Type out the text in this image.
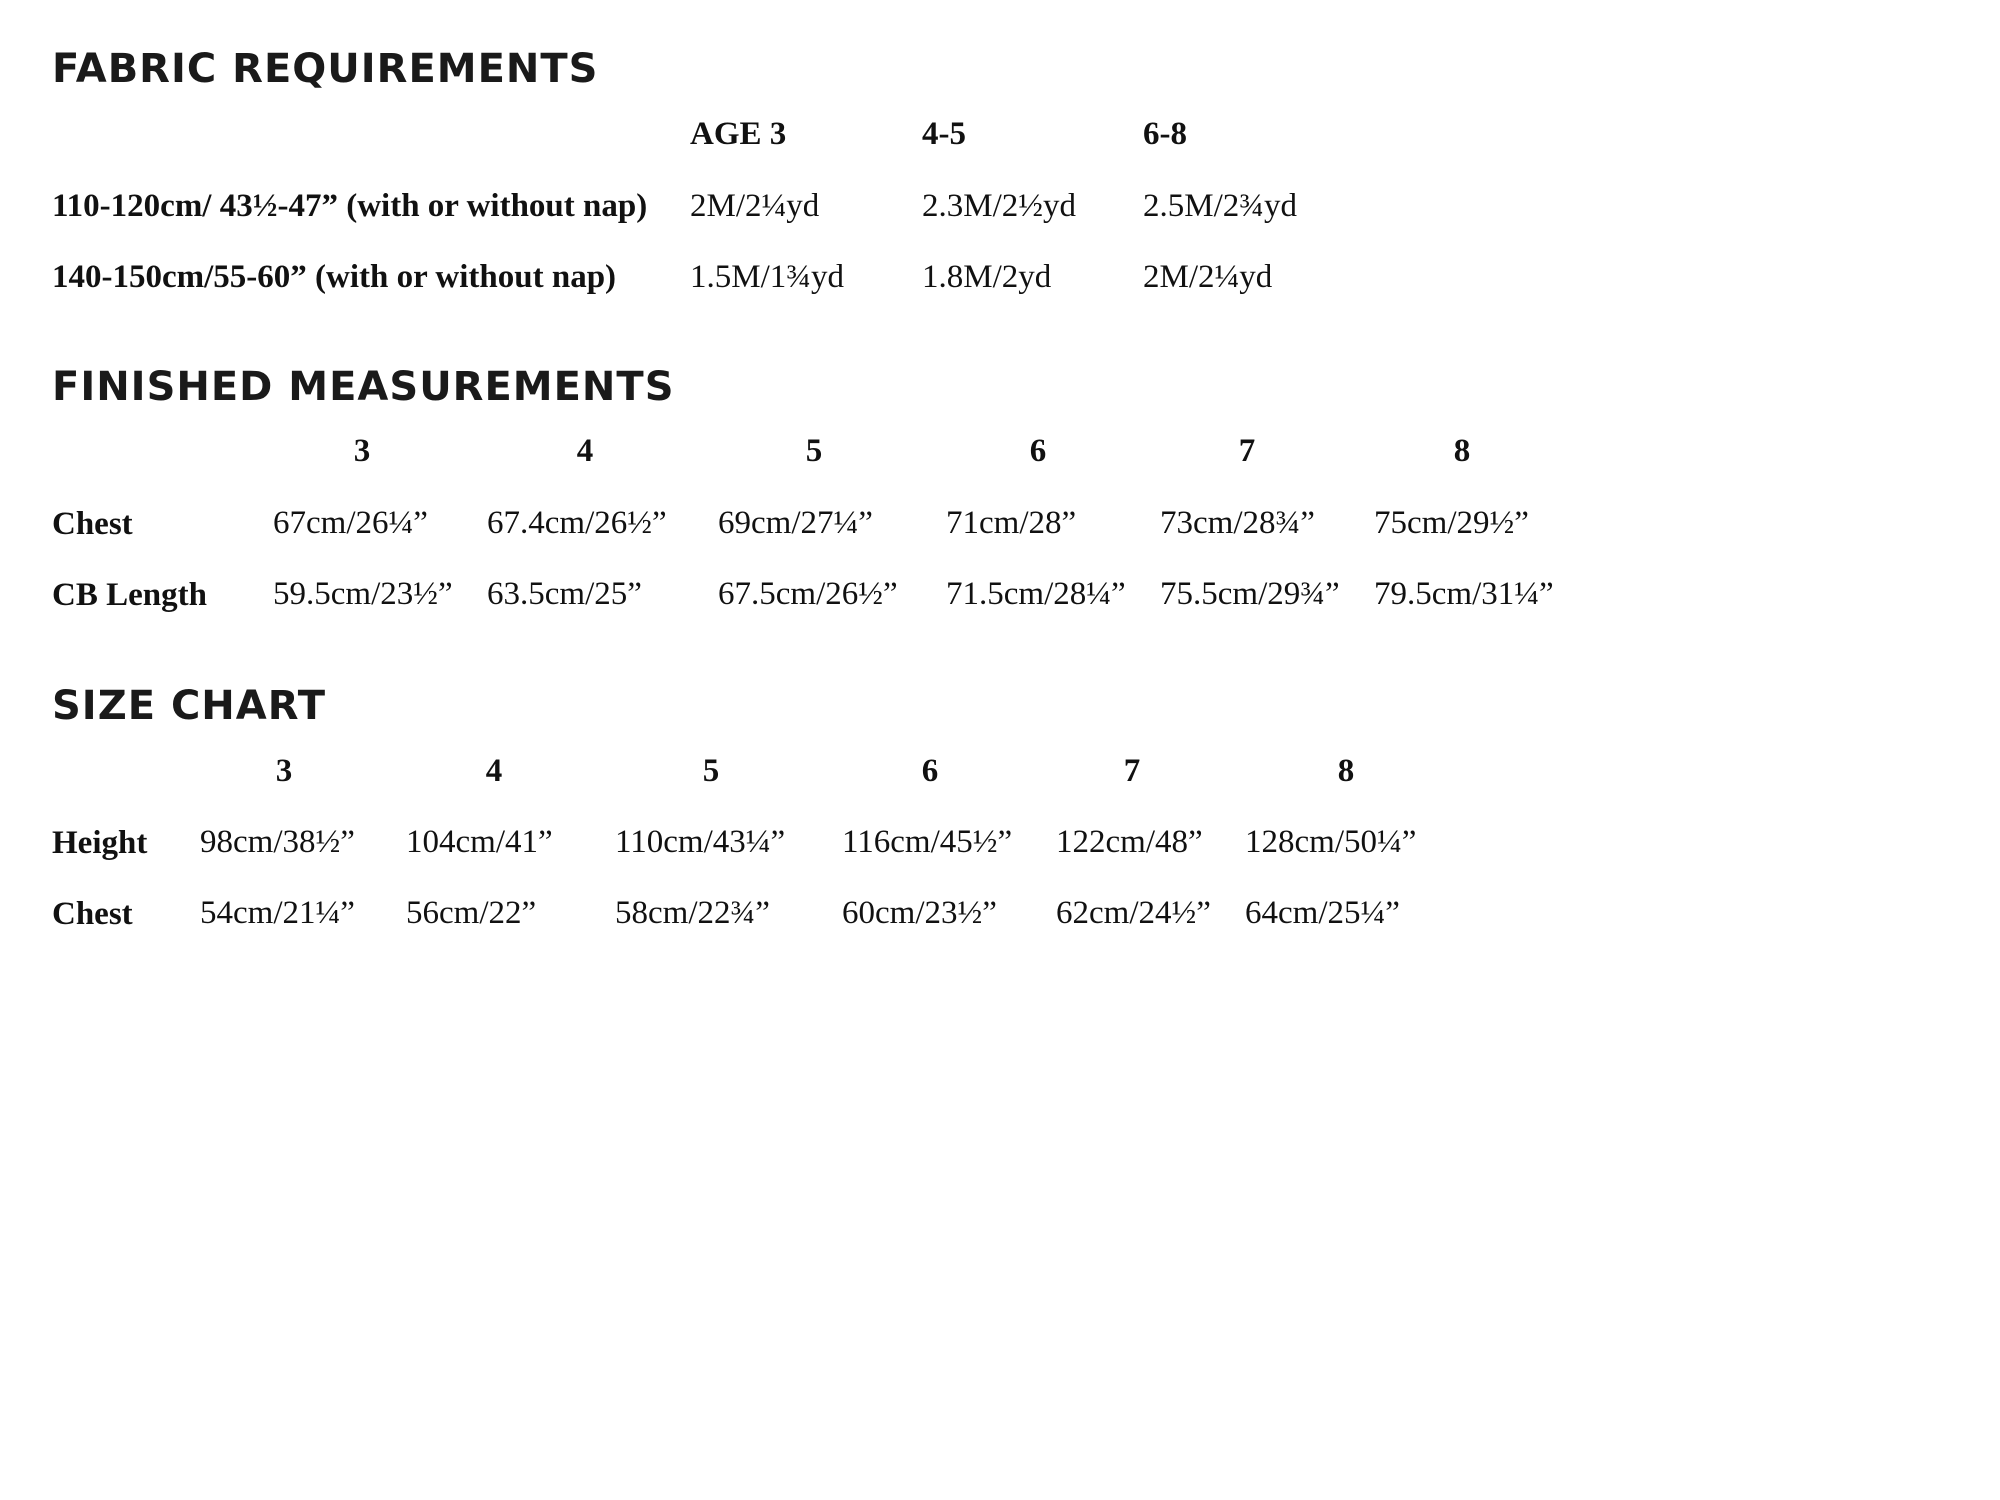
FABRIC REQUIREMENTS
AGE 3	4-5	6-8
110-120cm/ 43½-47” (with or without nap) 2M/2¼yd	2.3M/2½yd 2.5M/2¾yd
140-150cm/55-60” (with or without nap) 1.5M/1¾yd 1.8M/2yd	2M/2¼yd
FINISHED MEASUREMENTS
3	4	5	6	7	8
Chest	67cm/26¼” 67.4cm/26½” 69cm/27¼” 71cm/28”	73cm/28¾” 75cm/29½”
CB Length 59.5cm/23½” 63.5cm/25” 67.5cm/26½” 71.5cm/28¼” 75.5cm/29¾” 79.5cm/31¼”
SIZE CHART
3	4	5	6	7	8
Height 98cm/38½” 104cm/41” 110cm/43¼” 116cm/45½” 122cm/48” 128cm/50¼”
Chest 54cm/21¼” 56cm/22” 58cm/22¾” 60cm/23½” 62cm/24½” 64cm/25¼”
